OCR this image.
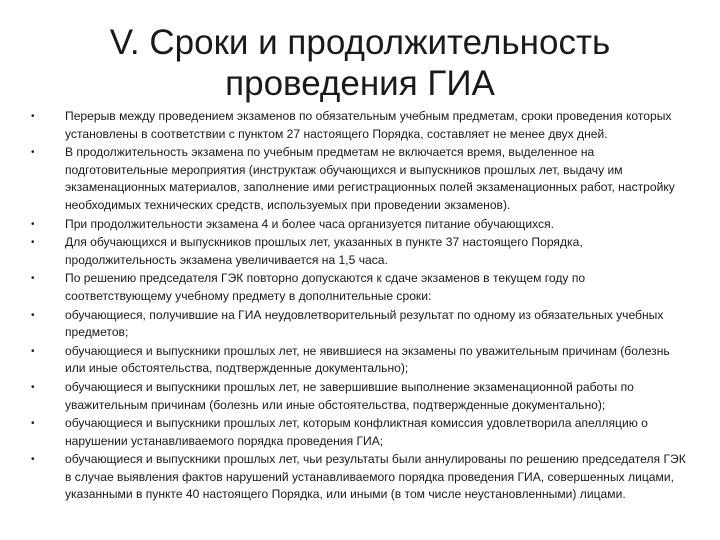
V. Сроки и продолжительность проведения ГИА
•	Перерыв между проведением экзаменов по обязательным учебным предметам, сроки проведения которых установлены в соответствии с пунктом 27 настоящего Порядка, составляет не менее двух дней.
•	В продолжительность экзамена по учебным предметам не включается время, выделенное на подготовительные мероприятия (инструктаж обучающихся и выпускников прошлых лет, выдачу им экзаменационных материалов, заполнение ими регистрационных полей экзаменационных работ, настройку необходимых технических средств, используемых при проведении экзаменов).
•	При продолжительности экзамена 4 и более часа организуется питание обучающихся.
•	Для обучающихся и выпускников прошлых лет, указанных в пункте 37 настоящего Порядка, продолжительность экзамена увеличивается на 1,5 часа.
•	По решению председателя ГЭК повторно допускаются к сдаче экзаменов в текущем году по соответствующему учебному предмету в дополнительные сроки:
•	обучающиеся, получившие на ГИА неудовлетворительный результат по одному из обязательных учебных предметов;
•	обучающиеся и выпускники прошлых лет, не явившиеся на экзамены по уважительным причинам (болезнь или иные обстоятельства, подтвержденные документально);
•	обучающиеся и выпускники прошлых лет, не завершившие выполнение экзаменационной работы по уважительным причинам (болезнь или иные обстоятельства, подтвержденные документально);
•	обучающиеся и выпускники прошлых лет, которым конфликтная комиссия удовлетворила апелляцию о нарушении устанавливаемого порядка проведения ГИА;
•	обучающиеся и выпускники прошлых лет, чьи результаты были аннулированы по решению председателя ГЭК в случае выявления фактов нарушений устанавливаемого порядка проведения ГИА, совершенных лицами, указанными в пункте 40 настоящего Порядка, или иными (в том числе неустановленными) лицами.
